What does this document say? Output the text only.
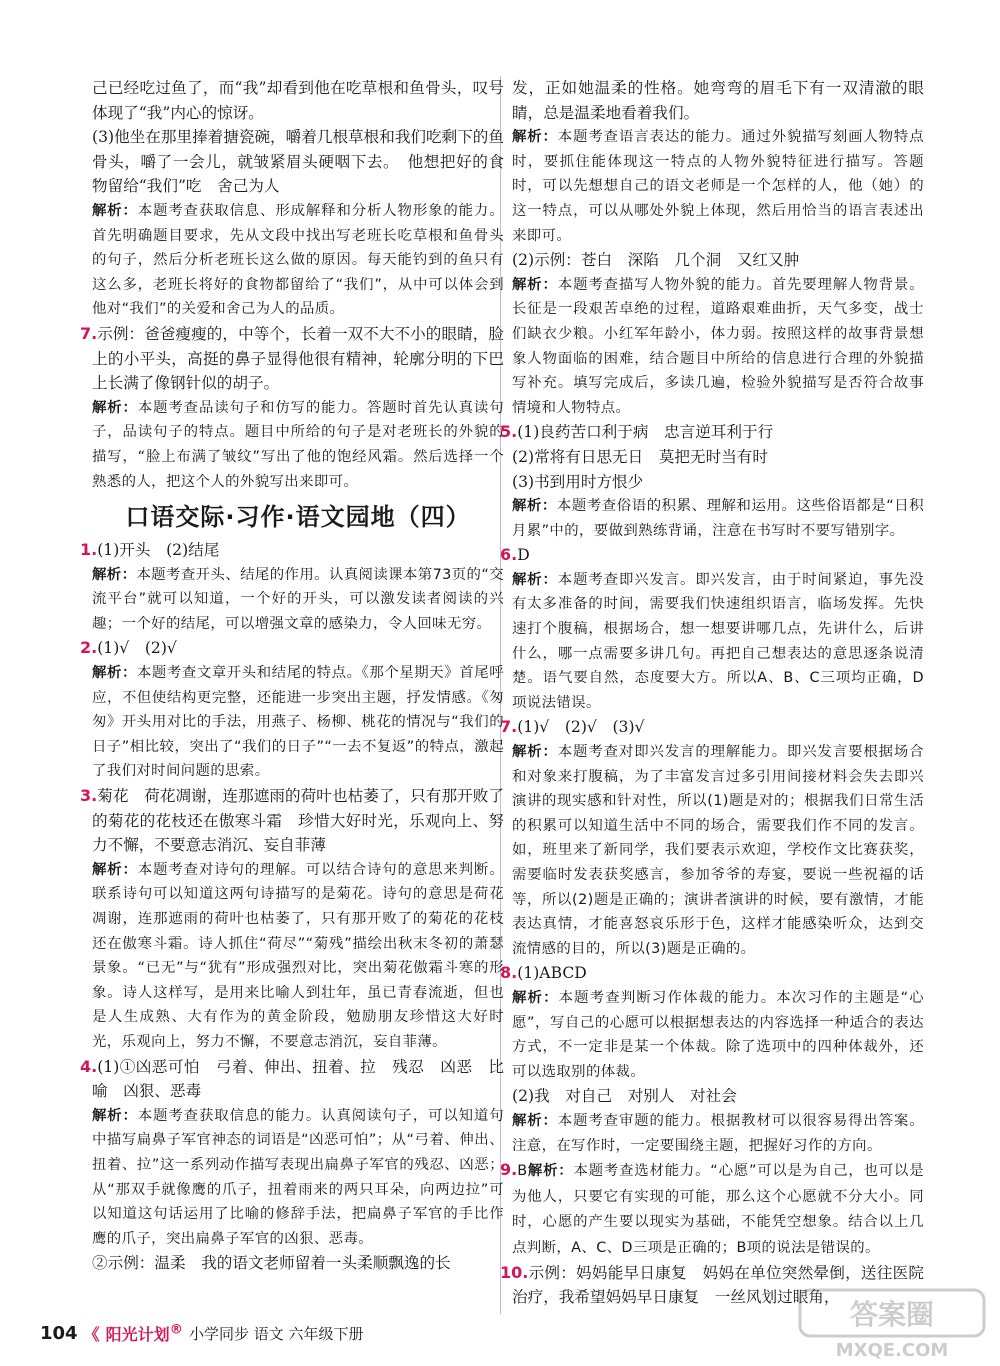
己已经吃过鱼了，而“我”却看到他在吃草根和鱼骨头，叹号体现了“我”内心的惊讶。

(3)他坐在那里捧着搪瓷碗，嚼着几根草根和我们吃剩下的鱼骨头，嚼了一会儿，就皱紧眉头硬咽下去。　他想把好的食物留给“我们”吃　舍己为人

解析：本题考查获取信息、形成解释和分析人物形象的能力。首先明确题目要求，先从文段中找出写老班长吃草根和鱼骨头的句子，然后分析老班长这么做的原因。每天能钓到的鱼只有这么多，老班长将好的食物都留给了“我们”，从中可以体会到他对“我们”的关爱和舍己为人的品质。

7.示例：爸爸瘦瘦的，中等个，长着一双不大不小的眼睛，脸上的小平头，高挺的鼻子显得他很有精神，轮廓分明的下巴上长满了像钢针似的胡子。

解析：本题考查品读句子和仿写的能力。答题时首先认真读句子，品读句子的特点。题目中所给的句子是对老班长的外貌的描写，“脸上布满了皱纹”写出了他的饱经风霜。然后选择一个熟悉的人，把这个人的外貌写出来即可。

口语交际·习作·语文园地（四）

1.(1)开头　(2)结尾

解析：本题考查开头、结尾的作用。认真阅读课本第73页的“交流平台”就可以知道，一个好的开头，可以激发读者阅读的兴趣；一个好的结尾，可以增强文章的感染力，令人回味无穷。

2.(1)√　(2)√

解析：本题考查文章开头和结尾的特点。《那个星期天》首尾呼应，不但使结构更完整，还能进一步突出主题，抒发情感。《匆匆》开头用对比的手法，用燕子、杨柳、桃花的情况与“我们的日子”相比较，突出了“我们的日子”“一去不复返”的特点，激起了我们对时间问题的思索。

3.菊花　荷花凋谢，连那遮雨的荷叶也枯萎了，只有那开败了的菊花的花枝还在傲寒斗霜　珍惜大好时光，乐观向上、努力不懈，不要意志消沉、妄自菲薄

解析：本题考查对诗句的理解。可以结合诗句的意思来判断。联系诗句可以知道这两句诗描写的是菊花。诗句的意思是荷花凋谢，连那遮雨的荷叶也枯萎了，只有那开败了的菊花的花枝还在傲寒斗霜。诗人抓住“荷尽”“菊残”描绘出秋末冬初的萧瑟景象。“已无”与“犹有”形成强烈对比，突出菊花傲霜斗寒的形象。诗人这样写，是用来比喻人到壮年，虽已青春流逝，但也是人生成熟、大有作为的黄金阶段，勉励朋友珍惜这大好时光，乐观向上，努力不懈，不要意志消沉，妄自菲薄。

4.(1)①凶恶可怕　弓着、伸出、扭着、拉　残忍　凶恶　比喻　凶狠、恶毒

解析：本题考查获取信息的能力。认真阅读句子，可以知道句中描写扁鼻子军官神态的词语是“凶恶可怕”；从“弓着、伸出、扭着、拉”这一系列动作描写表现出扁鼻子军官的残忍、凶恶；从“那双手就像鹰的爪子，扭着雨来的两只耳朵，向两边拉”可以知道这句话运用了比喻的修辞手法，把扁鼻子军官的手比作鹰的爪子，突出扁鼻子军官的凶狠、恶毒。

②示例：温柔　我的语文老师留着一头柔顺飘逸的长

发，正如她温柔的性格。她弯弯的眉毛下有一双清澈的眼睛，总是温柔地看着我们。

解析：本题考查语言表达的能力。通过外貌描写刻画人物特点时，要抓住能体现这一特点的人物外貌特征进行描写。答题时，可以先想想自己的语文老师是一个怎样的人，他（她）的这一特点，可以从哪处外貌上体现，然后用恰当的语言表述出来即可。

(2)示例：苍白　深陷　几个洞　又红又肿

解析：本题考查描写人物外貌的能力。首先要理解人物背景。长征是一段艰苦卓绝的过程，道路艰难曲折，天气多变，战士们缺衣少粮。小红军年龄小，体力弱。按照这样的故事背景想象人物面临的困难，结合题目中所给的信息进行合理的外貌描写补充。填写完成后，多读几遍，检验外貌描写是否符合故事情境和人物特点。

5.(1)良药苦口利于病　忠言逆耳利于行

(2)常将有日思无日　莫把无时当有时

(3)书到用时方恨少

解析：本题考查俗语的积累、理解和运用。这些俗语都是“日积月累”中的，要做到熟练背诵，注意在书写时不要写错别字。

6.D

解析：本题考查即兴发言。即兴发言，由于时间紧迫，事先没有太多准备的时间，需要我们快速组织语言，临场发挥。先快速打个腹稿，根据场合，想一想要讲哪几点，先讲什么，后讲什么，哪一点需要多讲几句。再把自己想表达的意思逐条说清楚。语气要自然，态度要大方。所以A、B、C三项均正确，D项说法错误。

7.(1)√　(2)√　(3)√

解析：本题考查对即兴发言的理解能力。即兴发言要根据场合和对象来打腹稿，为了丰富发言过多引用间接材料会失去即兴演讲的现实感和针对性，所以(1)题是对的；根据我们日常生活的积累可以知道生活中不同的场合，需要我们作不同的发言。如，班里来了新同学，我们要表示欢迎，学校作文比赛获奖，需要临时发表获奖感言，参加爷爷的寿宴，要说一些祝福的话等，所以(2)题是正确的；演讲者演讲的时候，要有激情，才能表达真情，才能喜怒哀乐形于色，这样才能感染听众，达到交流情感的目的，所以(3)题是正确的。

8.(1)ABCD

解析：本题考查判断习作体裁的能力。本次习作的主题是“心愿”，写自己的心愿可以根据想表达的内容选择一种适合的表达方式，不一定非是某一个体裁。除了选项中的四种体裁外，还可以选取别的体裁。

(2)我　对自己　对别人　对社会

解析：本题考查审题的能力。根据教材可以很容易得出答案。注意，在写作时，一定要围绕主题，把握好习作的方向。

9.B解析：本题考查选材能力。“心愿”可以是为自己，也可以是为他人，只要它有实现的可能，那么这个心愿就不分大小。同时，心愿的产生要以现实为基础，不能凭空想象。结合以上几点判断，A、C、D三项是正确的；B项的说法是错误的。

10.示例：妈妈能早日康复　妈妈在单位突然晕倒，送往医院治疗，我希望妈妈早日康复　一丝风划过眼角，

104 《 阳光计划® 小学同步 语文 六年级下册
答案圈
MXQE.COM
